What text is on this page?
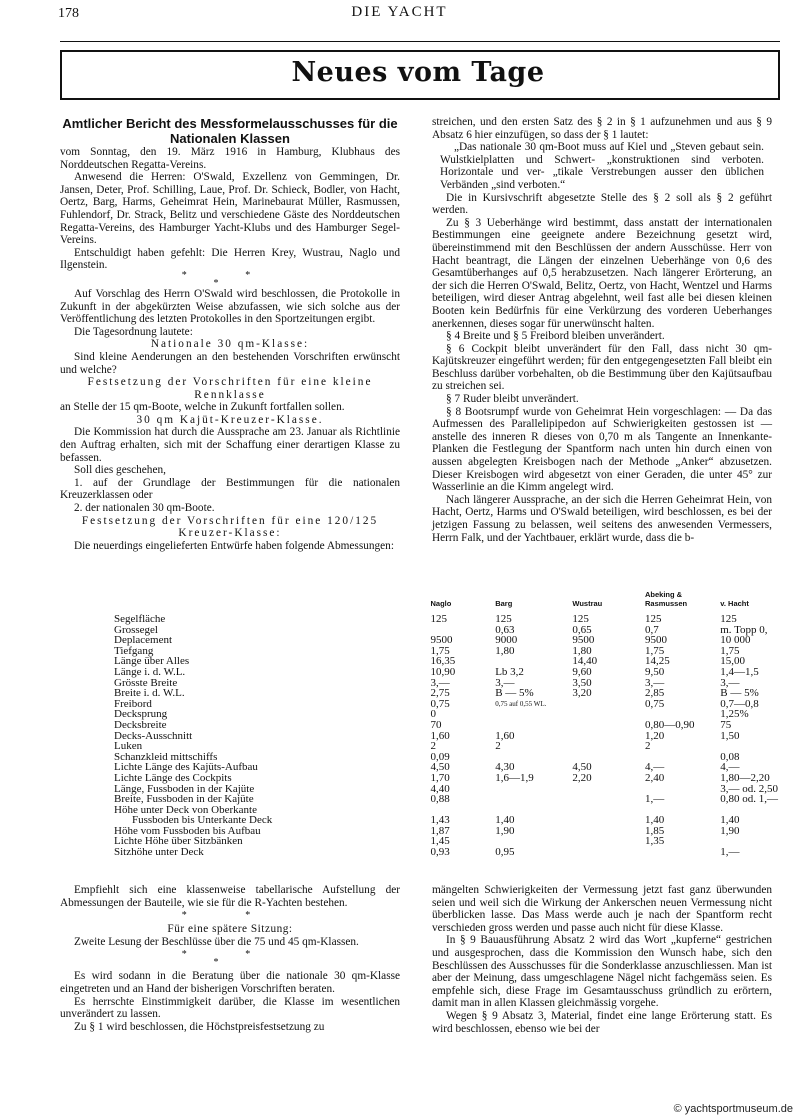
178	DIE YACHT
Neues vom Tage

Amtlicher Bericht des Messformelausschusses für die Nationalen Klassen

vom Sonntag, den 19. März 1916 in Hamburg, Klubhaus des Norddeutschen Regatta-Vereins.

Anwesend die Herren: O'Swald, Exzellenz von Gemmingen, Dr. Jansen, Deter, Prof. Schilling, Laue, Prof. Dr. Schieck, Bodler, von Hacht, Oertz, Barg, Harms, Geheimrat Hein, Marinebaurat Müller, Rasmussen, Fuhlendorf, Dr. Strack, Belitz und verschiedene Gäste des Norddeutschen Regatta-Vereins, des Hamburger Yacht-Klubs und des Hamburger Segel-Vereins.

Entschuldigt haben gefehlt: Die Herren Krey, Wustrau, Naglo und Ilgenstein.

* *
*

Auf Vorschlag des Herrn O'Swald wird beschlossen, die Protokolle in Zukunft in der abgekürzten Weise abzufassen, wie sich solche aus der Veröffentlichung des letzten Protokolles in den Sportzeitungen ergibt.

Die Tagesordnung lautete:

Nationale 30 qm-Klasse:

Sind kleine Aenderungen an den bestehenden Vorschriften erwünscht und welche?

Festsetzung der Vorschriften für eine kleine Rennklasse

an Stelle der 15 qm-Boote, welche in Zukunft fortfallen sollen.

30 qm Kajüt-Kreuzer-Klasse.

Die Kommission hat durch die Aussprache am 23. Januar als Richtlinie den Auftrag erhalten, sich mit der Schaffung einer derartigen Klasse zu befassen.

Soll dies geschehen,

1. auf der Grundlage der Bestimmungen für die nationalen Kreuzerklassen oder

2. der nationalen 30 qm-Boote.

Festsetzung der Vorschriften für eine 120/125 Kreuzer-Klasse:

Die neuerdings eingelieferten Entwürfe haben folgende Abmessungen:

streichen, und den ersten Satz des § 2 in § 1 aufzunehmen und aus § 9 Absatz 6 hier einzufügen, so dass der § 1 lautet:

„Das nationale 30 qm-Boot muss auf Kiel und „Steven gebaut sein. Wulstkielplatten und Schwert- „konstruktionen sind verboten. Horizontale und ver- „tikale Verstrebungen ausser den üblichen Verbänden „sind verboten.“

Die in Kursivschrift abgesetzte Stelle des § 2 soll als § 2 geführt werden.

Zu § 3 Ueberhänge wird bestimmt, dass anstatt der internationalen Bestimmungen eine geeignete andere Bezeichnung gesetzt wird, übereinstimmend mit den Beschlüssen der andern Ausschüsse. Herr von Hacht beantragt, die Längen der einzelnen Ueberhänge von 0,6 des Gesamtüberhanges auf 0,5 herabzusetzen. Nach längerer Erörterung, an der sich die Herren O'Swald, Belitz, Oertz, von Hacht, Wentzel und Harms beteiligen, wird dieser Antrag abgelehnt, weil fast alle bei diesen kleinen Booten kein Bedürfnis für eine Verkürzung des vorderen Ueberhanges anerkennen, dieses sogar für unerwünscht halten.

§ 4 Breite und § 5 Freibord bleiben unverändert.

§ 6 Cockpit bleibt unverändert für den Fall, dass nicht 30 qm-Kajütskreuzer eingeführt werden; für den entgegengesetzten Fall bleibt ein Beschluss darüber vorbehalten, ob die Bestimmung über den Kajütsaufbau zu streichen sei.

§ 7 Ruder bleibt unverändert.

§ 8 Bootsrumpf wurde von Geheimrat Hein vorgeschlagen: — Da das Aufmessen des Parallelipipedon auf Schwierigkeiten gestossen ist — anstelle des inneren R dieses von 0,70 m als Tangente an Innenkante-Planken die Festlegung der Spantform nach unten hin durch einen von aussen abgelegten Kreisbogen nach der Methode „Anker“ abzusetzen. Dieser Kreisbogen wird abgesetzt von einer Geraden, die unter 45° zur Wasserlinie an die Kimm angelegt wird.

Nach längerer Aussprache, an der sich die Herren Geheimrat Hein, von Hacht, Oertz, Harms und O'Swald beteiligen, wird beschlossen, es bei der jetzigen Fassung zu belassen, weil seitens des anwesenden Vermessers, Herrn Falk, und der Yachtbauer, erklärt wurde, dass die b-

	Naglo	Barg	Wustrau	Abeking & Rasmussen	v. Hacht
Segelfläche	125	125	125	125	125
Grossegel		0,63	0,65	0,7	m. Topp 0,
Deplacement	9500	9000	9500	9500	10 000
Tiefgang	1,75	1,80	1,80	1,75	1,75
Länge über Alles	16,35		14,40	14,25	15,00
Länge i. d. W.L.	10,90	Lb 3,2	9,60	9,50	1,4—1,5
Grösste Breite	3,—	3,—	3,50	3,—	3,—
Breite i. d. W.L.	2,75	B — 5%	3,20	2,85	B — 5%
Freibord	0,75	0,75 auf 0,55 WL.		0,75	0,7—0,8
Decksprung	0				1,25%
Decksbreite	70			0,80—0,90	75
Decks-Ausschnitt	1,60	1,60		1,20	1,50
Luken	2	2		2	
Schanzkleid mittschiffs	0,09				0,08
Lichte Länge des Kajüts-Aufbau	4,50	4,30	4,50	4,—	4,—
Lichte Länge des Cockpits	1,70	1,6—1,9	2,20	2,40	1,80—2,20
Länge, Fussboden in der Kajüte	4,40				3,— od. 2,50
Breite, Fussboden in der Kajüte	0,88			1,—	0,80 od. 1,—
Höhe unter Deck von Oberkante					
Fussboden bis Unterkante Deck	1,43	1,40		1,40	1,40
Höhe vom Fussboden bis Aufbau	1,87	1,90		1,85	1,90
Lichte Höhe über Sitzbänken	1,45			1,35	
Sitzhöhe unter Deck	0,93	0,95			1,—

Empfiehlt sich eine klassenweise tabellarische Aufstellung der Abmessungen der Bauteile, wie sie für die R-Yachten bestehen.

* *

Für eine spätere Sitzung:

Zweite Lesung der Beschlüsse über die 75 und 45 qm-Klassen.

* *
*

Es wird sodann in die Beratung über die nationale 30 qm-Klasse eingetreten und an Hand der bisherigen Vorschriften beraten.

Es herrschte Einstimmigkeit darüber, die Klasse im wesentlichen unverändert zu lassen.

Zu § 1 wird beschlossen, die Höchstpreisfestsetzung zu

mängelten Schwierigkeiten der Vermessung jetzt fast ganz überwunden seien und weil sich die Wirkung der Ankerschen neuen Vermessung nicht überblicken lasse. Das Mass werde auch je nach der Spantform recht verschieden gross werden und passe auch nicht für diese Klasse.

In § 9 Bauausführung Absatz 2 wird das Wort „kupferne“ gestrichen und ausgesprochen, dass die Kommission den Wunsch habe, sich den Beschlüssen des Ausschusses für die Sonderklasse anzuschliessen. Man ist aber der Meinung, dass umgeschlagene Nägel nicht fachgemäss seien. Es empfehle sich, diese Frage im Gesamtausschuss gründlich zu erörtern, damit man in allen Klassen gleichmässig vorgehe.

Wegen § 9 Absatz 3, Material, findet eine lange Erörterung statt. Es wird beschlossen, ebenso wie bei der

© yachtsportmuseum.de
